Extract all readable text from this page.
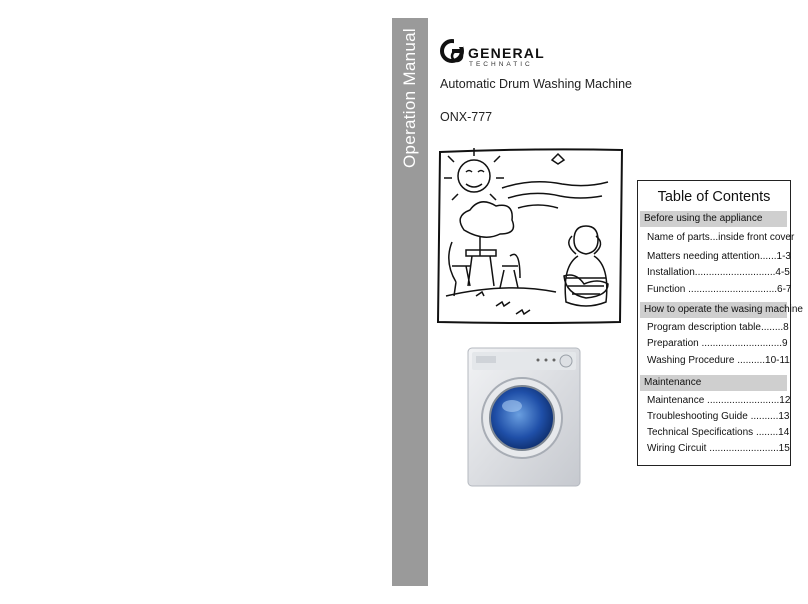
Operation Manual	GENERAL
TECHNATIC
Automatic Drum Washing Machine
ONX-777
Table of Contents
Before using the appliance
Name of parts...inside front cover
Matters needing attention......1-3
Installation.............................4-5
Function ................................6-7
How to operate the wasing machine
Program description table........8
Preparation .............................9
Washing Procedure ..........10-11
Maintenance
Maintenance ..........................12
Troubleshooting Guide ..........13
Technical Specifications ........14
Wiring Circuit .........................15
